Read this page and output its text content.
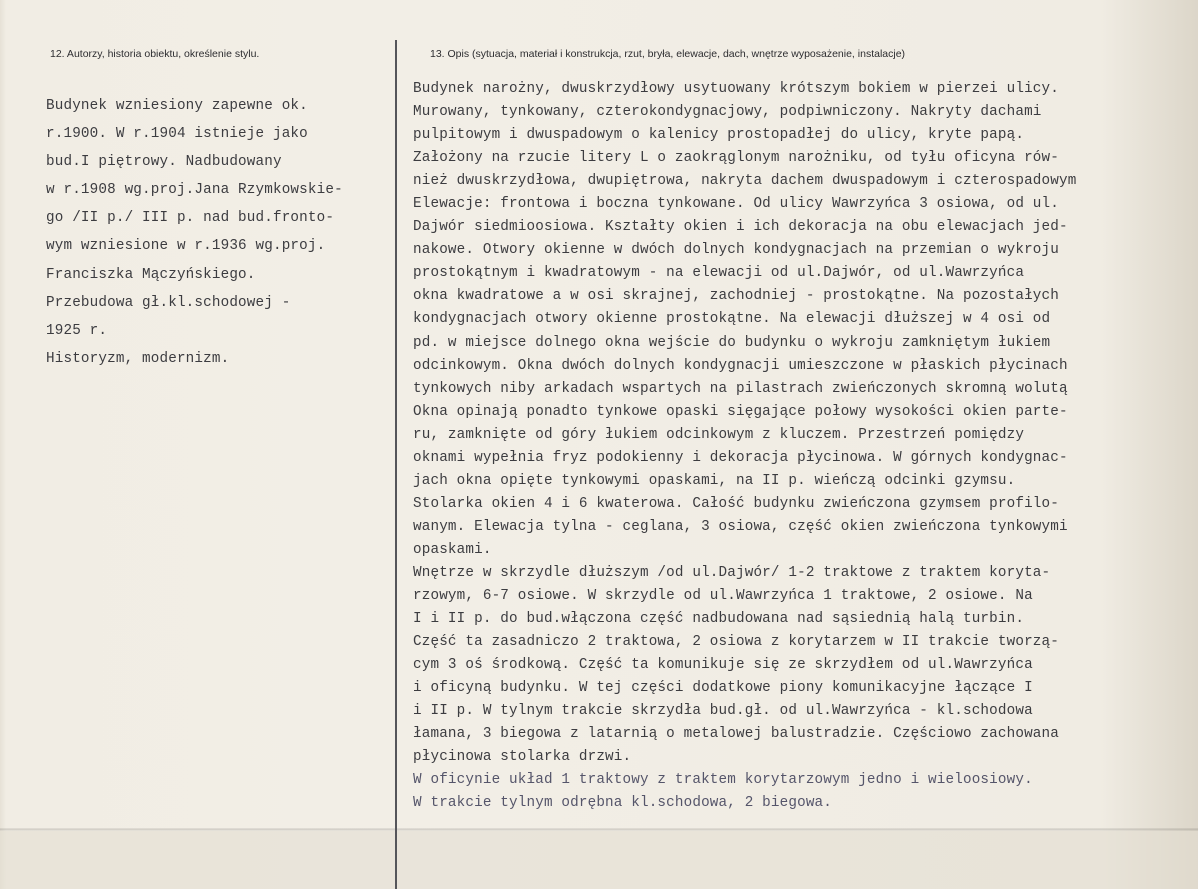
12. Autorzy, historia obiektu, określenie stylu.	13. Opis (sytuacja, materiał i konstrukcja, rzut, bryła, elewacje, dach, wnętrze wyposażenie, instalacje)
Budynek wzniesiony zapewne ok.
r.1900. W r.1904 istnieje jako
bud.I piętrowy. Nadbudowany
w r.1908 wg.proj.Jana Rzymkowskie-
go /II p./ III p. nad bud.fronto-
wym wzniesione w r.1936 wg.proj.
Franciszka Mączyńskiego.
Przebudowa gł.kl.schodowej -
1925 r.
Historyzm, modernizm.
Budynek narożny, dwuskrzydłowy usytuowany krótszym bokiem w pierzei ulicy.
Murowany, tynkowany, czterokondygnacjowy, podpiwniczony. Nakryty dachami
pulpitowym i dwuspadowym o kalenicy prostopadłej do ulicy, kryte papą.
Założony na rzucie litery L o zaokrąglonym narożniku, od tyłu oficyna rów-
nież dwuskrzydłowa, dwupiętrowa, nakryta dachem dwuspadowym i czterospadowym
Elewacje: frontowa i boczna tynkowane. Od ulicy Wawrzyńca 3 osiowa, od ul.
Dajwór siedmioosiowa. Kształty okien i ich dekoracja na obu elewacjach jed-
nakowe. Otwory okienne w dwóch dolnych kondygnacjach na przemian o wykroju
prostokątnym i kwadratowym - na elewacji od ul.Dajwór, od ul.Wawrzyńca
okna kwadratowe a w osi skrajnej, zachodniej - prostokątne. Na pozostałych
kondygnacjach otwory okienne prostokątne. Na elewacji dłuższej w 4 osi od
pd. w miejsce dolnego okna wejście do budynku o wykroju zamkniętym łukiem
odcinkowym. Okna dwóch dolnych kondygnacji umieszczone w płaskich płycinach
tynkowych niby arkadach wspartych na pilastrach zwieńczonych skromną wolutą
Okna opinają ponadto tynkowe opaski sięgające połowy wysokości okien parte-
ru, zamknięte od góry łukiem odcinkowym z kluczem. Przestrzeń pomiędzy
oknami wypełnia fryz podokienny i dekoracja płycinowa. W górnych kondygnac-
jach okna opięte tynkowymi opaskami, na II p. wieńczą odcinki gzymsu.
Stolarka okien 4 i 6 kwaterowa. Całość budynku zwieńczona gzymsem profilo-
wanym. Elewacja tylna - ceglana, 3 osiowa, część okien zwieńczona tynkowymi
opaskami.
Wnętrze w skrzydle dłuższym /od ul.Dajwór/ 1-2 traktowe z traktem koryta-
rzowym, 6-7 osiowe. W skrzydle od ul.Wawrzyńca 1 traktowe, 2 osiowe. Na
I i II p. do bud.włączona część nadbudowana nad sąsiednią halą turbin.
Część ta zasadniczo 2 traktowa, 2 osiowa z korytarzem w II trakcie tworzą-
cym 3 oś środkową. Część ta komunikuje się ze skrzydłem od ul.Wawrzyńca
i oficyną budynku. W tej części dodatkowe piony komunikacyjne łączące I
i II p. W tylnym trakcie skrzydła bud.gł. od ul.Wawrzyńca - kl.schodowa
łamana, 3 biegowa z latarnią o metalowej balustradzie. Częściowo zachowana
płycinowa stolarka drzwi.
W oficynie układ 1 traktowy z traktem korytarzowym jedno i wieloosiowy.
W trakcie tylnym odrębna kl.schodowa, 2 biegowa.
